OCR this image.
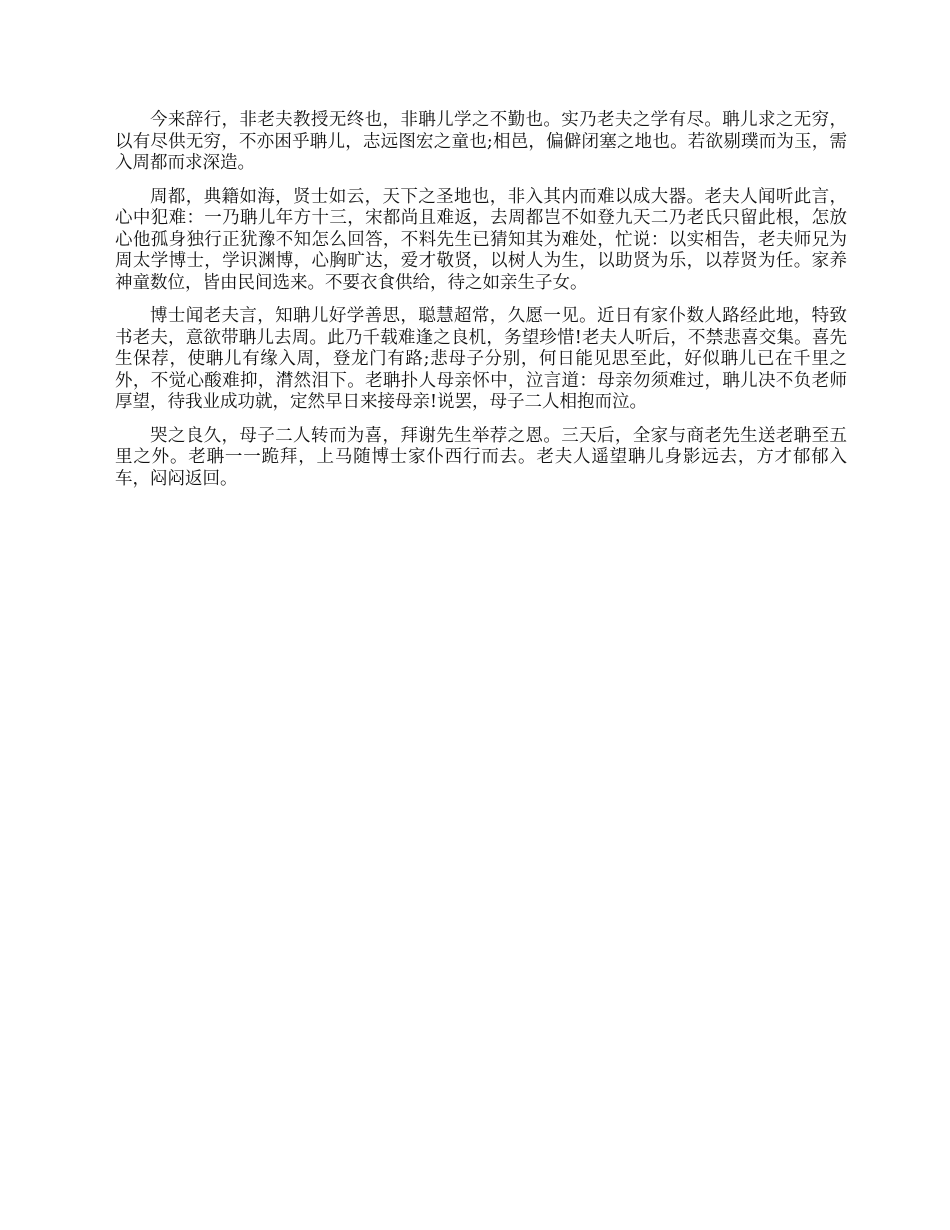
今来辞行，非老夫教授无终也，非聃儿学之不勤也。实乃老夫之学有尽。聃儿求之无穷，以有尽供无穷，不亦困乎聃儿，志远图宏之童也;相邑，偏僻闭塞之地也。若欲剔璞而为玉，需入周都而求深造。

周都，典籍如海，贤士如云，天下之圣地也，非入其内而难以成大器。老夫人闻听此言，心中犯难：一乃聃儿年方十三，宋都尚且难返，去周都岂不如登九天二乃老氏只留此根，怎放心他孤身独行正犹豫不知怎么回答，不料先生已猜知其为难处，忙说：以实相告，老夫师兄为周太学博士，学识渊博，心胸旷达，爱才敬贤，以树人为生，以助贤为乐，以荐贤为任。家养神童数位，皆由民间选来。不要衣食供给，待之如亲生子女。

博士闻老夫言，知聃儿好学善思，聪慧超常，久愿一见。近日有家仆数人路经此地，特致书老夫，意欲带聃儿去周。此乃千载难逢之良机，务望珍惜!老夫人听后，不禁悲喜交集。喜先生保荐，使聃儿有缘入周，登龙门有路;悲母子分别，何日能见思至此，好似聃儿已在千里之外，不觉心酸难抑，潸然泪下。老聃扑人母亲怀中，泣言道：母亲勿须难过，聃儿决不负老师厚望，待我业成功就，定然早日来接母亲!说罢，母子二人相抱而泣。

哭之良久，母子二人转而为喜，拜谢先生举荐之恩。三天后，全家与商老先生送老聃至五里之外。老聃一一跪拜，上马随博士家仆西行而去。老夫人遥望聃儿身影远去，方才郁郁入车，闷闷返回。
